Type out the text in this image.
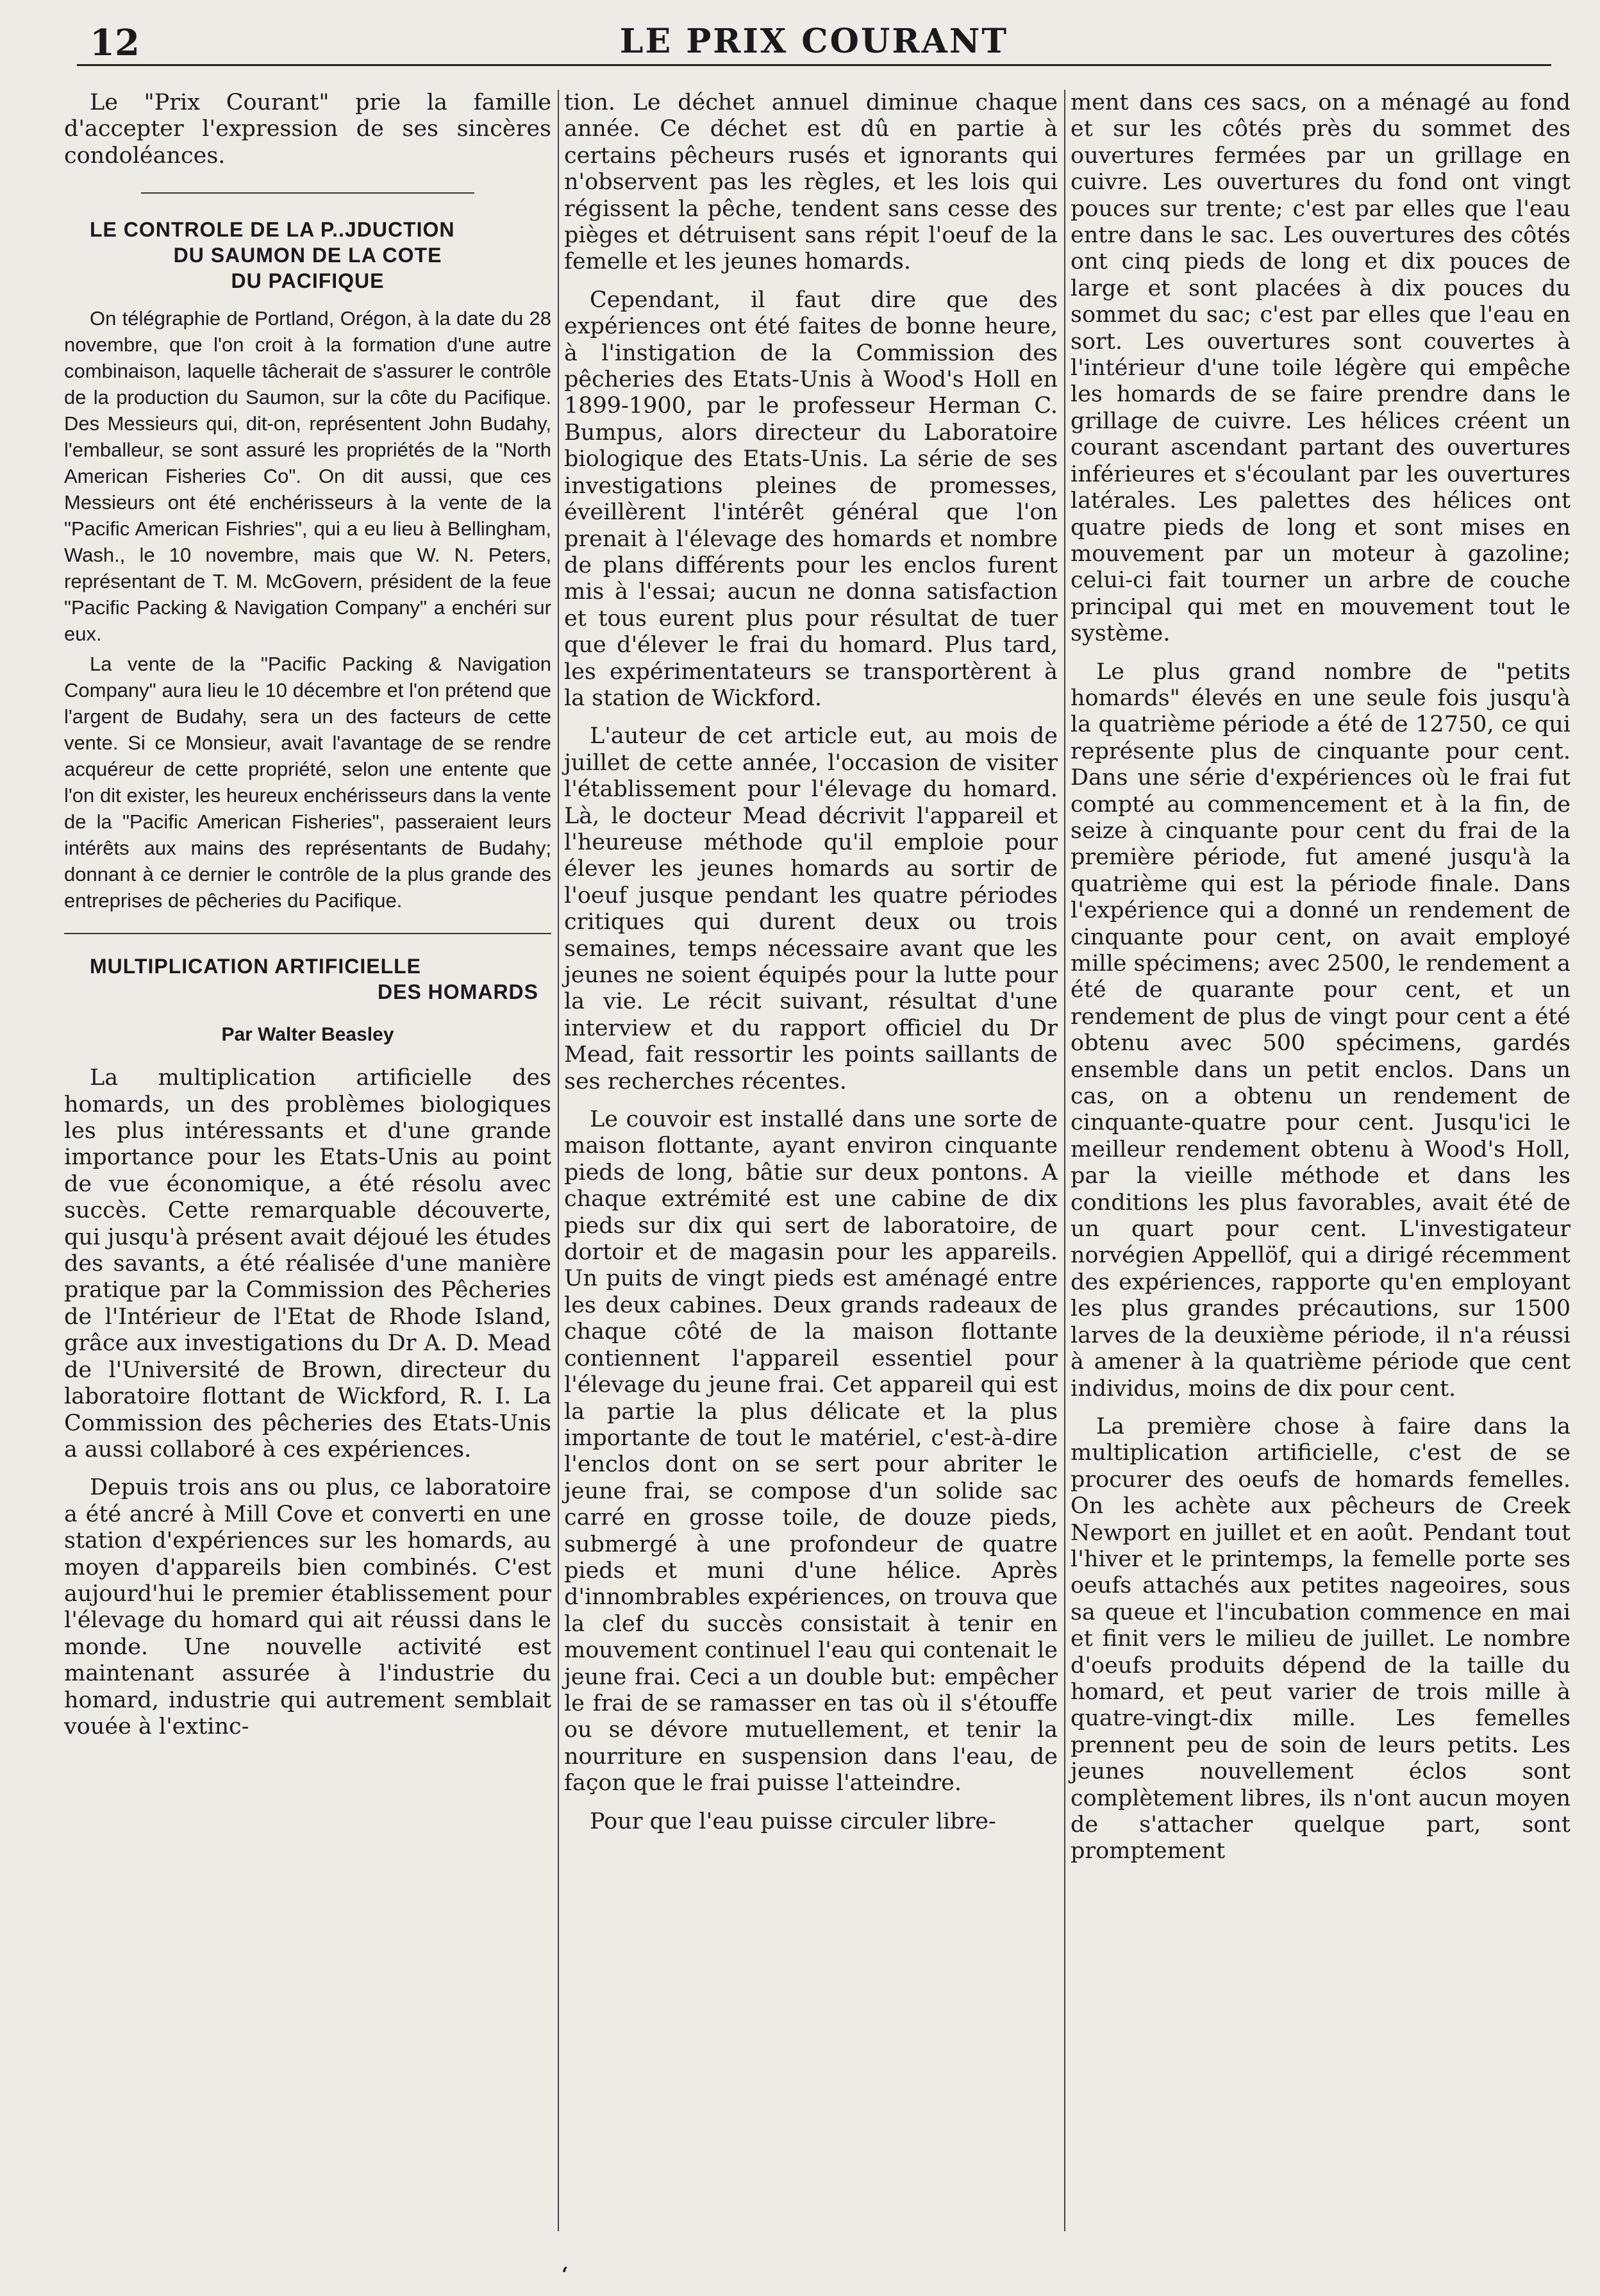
12	LE PRIX COURANT

Le "Prix Courant" prie la famille d'accepter l'expression de ses sincères condoléances.

LE CONTROLE DE LA P..JDUCTION

DU SAUMON DE LA COTE

DU PACIFIQUE

On télégraphie de Portland, Orégon, à la date du 28 novembre, que l'on croit à la formation d'une autre combinaison, laquelle tâcherait de s'assurer le contrôle de la production du Saumon, sur la côte du Pacifique. Des Messieurs qui, dit-on, représentent John Budahy, l'emballeur, se sont assuré les propriétés de la "North American Fisheries Co". On dit aussi, que ces Messieurs ont été enchérisseurs à la vente de la "Pacific American Fishries", qui a eu lieu à Bellingham, Wash., le 10 novembre, mais que W. N. Peters, représentant de T. M. McGovern, président de la feue "Pacific Packing & Navigation Company" a enchéri sur eux.

La vente de la "Pacific Packing & Navigation Company" aura lieu le 10 décembre et l'on prétend que l'argent de Budahy, sera un des facteurs de cette vente. Si ce Monsieur, avait l'avantage de se rendre acquéreur de cette propriété, selon une entente que l'on dit exister, les heureux enchérisseurs dans la vente de la "Pacific American Fisheries", passeraient leurs intérêts aux mains des représentants de Budahy; donnant à ce dernier le contrôle de la plus grande des entreprises de pêcheries du Pacifique.

MULTIPLICATION ARTIFICIELLE

DES HOMARDS

Par Walter Beasley

La multiplication artificielle des homards, un des problèmes biologiques les plus intéressants et d'une grande importance pour les Etats-Unis au point de vue économique, a été résolu avec succès. Cette remarquable découverte, qui jusqu'à présent avait déjoué les études des savants, a été réalisée d'une manière pratique par la Commission des Pêcheries de l'Intérieur de l'Etat de Rhode Island, grâce aux investigations du Dr A. D. Mead de l'Université de Brown, directeur du laboratoire flottant de Wickford, R. I. La Commission des pêcheries des Etats-Unis a aussi collaboré à ces expériences.

Depuis trois ans ou plus, ce laboratoire a été ancré à Mill Cove et converti en une station d'expériences sur les homards, au moyen d'appareils bien combinés. C'est aujourd'hui le premier établissement pour l'élevage du homard qui ait réussi dans le monde. Une nouvelle activité est maintenant assurée à l'industrie du homard, industrie qui autrement semblait vouée à l'extinc-

tion. Le déchet annuel diminue chaque année. Ce déchet est dû en partie à certains pêcheurs rusés et ignorants qui n'observent pas les règles, et les lois qui régissent la pêche, tendent sans cesse des pièges et détruisent sans répit l'oeuf de la femelle et les jeunes homards.

Cependant, il faut dire que des expériences ont été faites de bonne heure, à l'instigation de la Commission des pêcheries des Etats-Unis à Wood's Holl en 1899-1900, par le professeur Herman C. Bumpus, alors directeur du Laboratoire biologique des Etats-Unis. La série de ses investigations pleines de promesses, éveillèrent l'intérêt général que l'on prenait à l'élevage des homards et nombre de plans différents pour les enclos furent mis à l'essai; aucun ne donna satisfaction et tous eurent plus pour résultat de tuer que d'élever le frai du homard. Plus tard, les expérimentateurs se transportèrent à la station de Wickford.

L'auteur de cet article eut, au mois de juillet de cette année, l'occasion de visiter l'établissement pour l'élevage du homard. Là, le docteur Mead décrivit l'appareil et l'heureuse méthode qu'il emploie pour élever les jeunes homards au sortir de l'oeuf jusque pendant les quatre périodes critiques qui durent deux ou trois semaines, temps nécessaire avant que les jeunes ne soient équipés pour la lutte pour la vie. Le récit suivant, résultat d'une interview et du rapport officiel du Dr Mead, fait ressortir les points saillants de ses recherches récentes.

Le couvoir est installé dans une sorte de maison flottante, ayant environ cinquante pieds de long, bâtie sur deux pontons. A chaque extrémité est une cabine de dix pieds sur dix qui sert de laboratoire, de dortoir et de magasin pour les appareils. Un puits de vingt pieds est aménagé entre les deux cabines. Deux grands radeaux de chaque côté de la maison flottante contiennent l'appareil essentiel pour l'élevage du jeune frai. Cet appareil qui est la partie la plus délicate et la plus importante de tout le matériel, c'est-à-dire l'enclos dont on se sert pour abriter le jeune frai, se compose d'un solide sac carré en grosse toile, de douze pieds, submergé à une profondeur de quatre pieds et muni d'une hélice. Après d'innombrables expériences, on trouva que la clef du succès consistait à tenir en mouvement continuel l'eau qui contenait le jeune frai. Ceci a un double but: empêcher le frai de se ramasser en tas où il s'étouffe ou se dévore mutuellement, et tenir la nourriture en suspension dans l'eau, de façon que le frai puisse l'atteindre.

Pour que l'eau puisse circuler libre-

ment dans ces sacs, on a ménagé au fond et sur les côtés près du sommet des ouvertures fermées par un grillage en cuivre. Les ouvertures du fond ont vingt pouces sur trente; c'est par elles que l'eau entre dans le sac. Les ouvertures des côtés ont cinq pieds de long et dix pouces de large et sont placées à dix pouces du sommet du sac; c'est par elles que l'eau en sort. Les ouvertures sont couvertes à l'intérieur d'une toile légère qui empêche les homards de se faire prendre dans le grillage de cuivre. Les hélices créent un courant ascendant partant des ouvertures inférieures et s'écoulant par les ouvertures latérales. Les palettes des hélices ont quatre pieds de long et sont mises en mouvement par un moteur à gazoline; celui-ci fait tourner un arbre de couche principal qui met en mouvement tout le système.

Le plus grand nombre de "petits homards" élevés en une seule fois jusqu'à la quatrième période a été de 12750, ce qui représente plus de cinquante pour cent. Dans une série d'expériences où le frai fut compté au commencement et à la fin, de seize à cinquante pour cent du frai de la première période, fut amené jusqu'à la quatrième qui est la période finale. Dans l'expérience qui a donné un rendement de cinquante pour cent, on avait employé mille spécimens; avec 2500, le rendement a été de quarante pour cent, et un rendement de plus de vingt pour cent a été obtenu avec 500 spécimens, gardés ensemble dans un petit enclos. Dans un cas, on a obtenu un rendement de cinquante-quatre pour cent. Jusqu'ici le meilleur rendement obtenu à Wood's Holl, par la vieille méthode et dans les conditions les plus favorables, avait été de un quart pour cent. L'investigateur norvégien Appellöf, qui a dirigé récemment des expériences, rapporte qu'en employant les plus grandes précautions, sur 1500 larves de la deuxième période, il n'a réussi à amener à la quatrième période que cent individus, moins de dix pour cent.

La première chose à faire dans la multiplication artificielle, c'est de se procurer des oeufs de homards femelles. On les achète aux pêcheurs de Creek Newport en juillet et en août. Pendant tout l'hiver et le printemps, la femelle porte ses oeufs attachés aux petites nageoires, sous sa queue et l'incubation commence en mai et finit vers le milieu de juillet. Le nombre d'oeufs produits dépend de la taille du homard, et peut varier de trois mille à quatre-vingt-dix mille. Les femelles prennent peu de soin de leurs petits. Les jeunes nouvellement éclos sont complètement libres, ils n'ont aucun moyen de s'attacher quelque part, sont promptement

‘
